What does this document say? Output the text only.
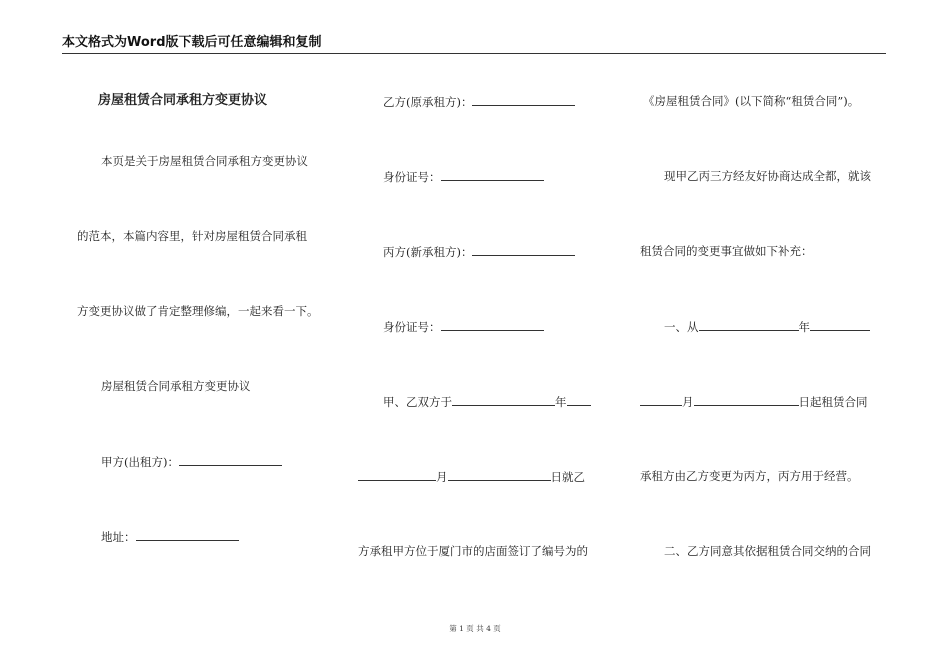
本文格式为Word版下载后可任意编辑和复制
房屋租赁合同承租方变更协议
本页是关于房屋租赁合同承租方变更协议
的范本，本篇内容里，针对房屋租赁合同承租
方变更协议做了肯定整理修编，一起来看一下。
房屋租赁合同承租方变更协议
甲方(出租方)：
地址：
乙方(原承租方)：
身份证号：
丙方(新承租方)：
身份证号：
甲、乙双方于	年
月	日就乙
方承租甲方位于厦门市的店面签订了编号为的
《房屋租赁合同》(以下简称“租赁合同”)。
现甲乙丙三方经友好协商达成全都，就该
租赁合同的变更事宜做如下补充：
一、从	年
月	日起租赁合同
承租方由乙方变更为丙方，丙方用于经营。
二、乙方同意其依据租赁合同交纳的合同
第 1 页 共 4 页
